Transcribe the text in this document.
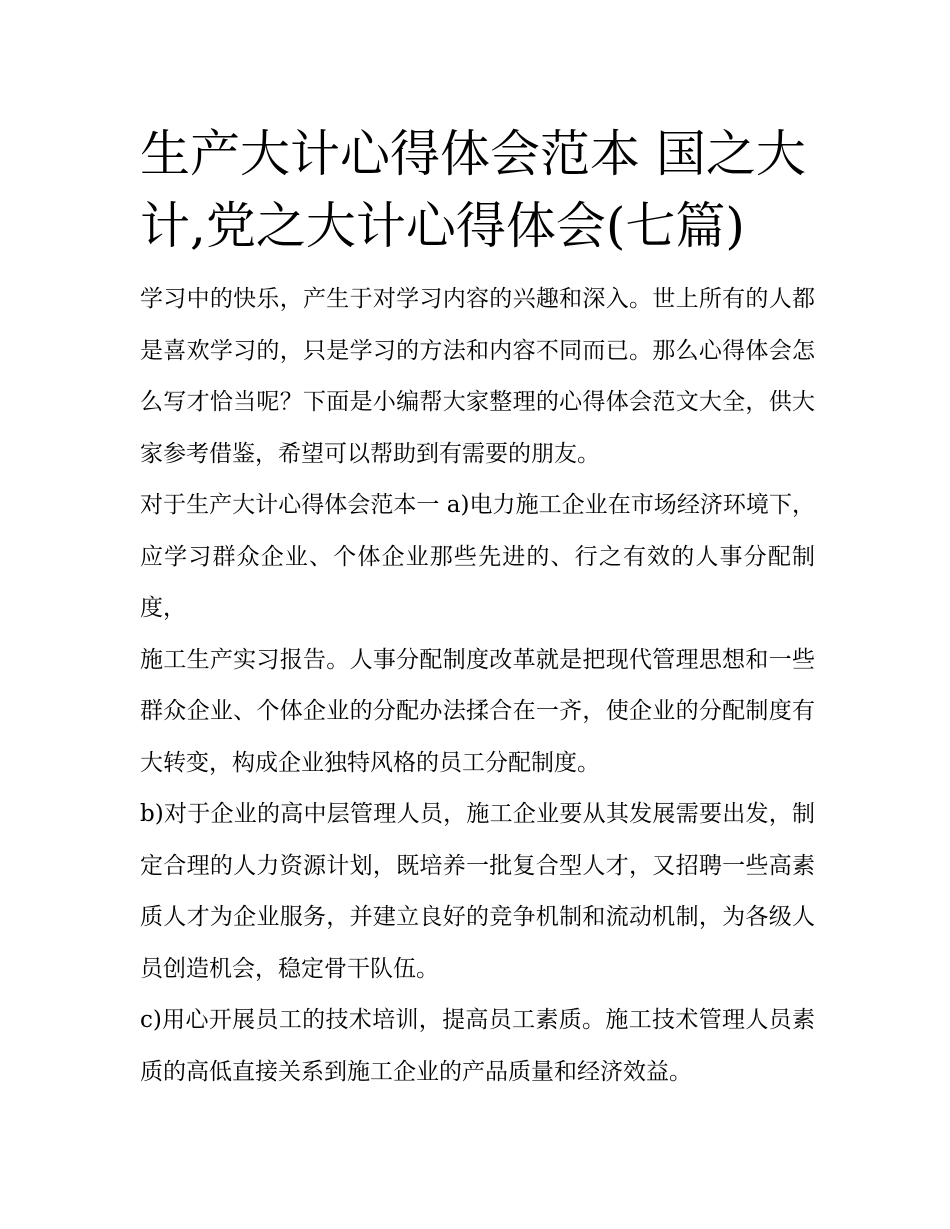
生产大计心得体会范本 国之大计,党之大计心得体会(七篇)

学习中的快乐，产生于对学习内容的兴趣和深入。世上所有的人都是喜欢学习的，只是学习的方法和内容不同而已。那么心得体会怎么写才恰当呢？下面是小编帮大家整理的心得体会范文大全，供大家参考借鉴，希望可以帮助到有需要的朋友。

对于生产大计心得体会范本一 a)电力施工企业在市场经济环境下，应学习群众企业、个体企业那些先进的、行之有效的人事分配制度，

施工生产实习报告。人事分配制度改革就是把现代管理思想和一些群众企业、个体企业的分配办法揉合在一齐，使企业的分配制度有大转变，构成企业独特风格的员工分配制度。

b)对于企业的高中层管理人员，施工企业要从其发展需要出发，制定合理的人力资源计划，既培养一批复合型人才，又招聘一些高素质人才为企业服务，并建立良好的竞争机制和流动机制，为各级人员创造机会，稳定骨干队伍。

c)用心开展员工的技术培训，提高员工素质。施工技术管理人员素质的高低直接关系到施工企业的产品质量和经济效益。
